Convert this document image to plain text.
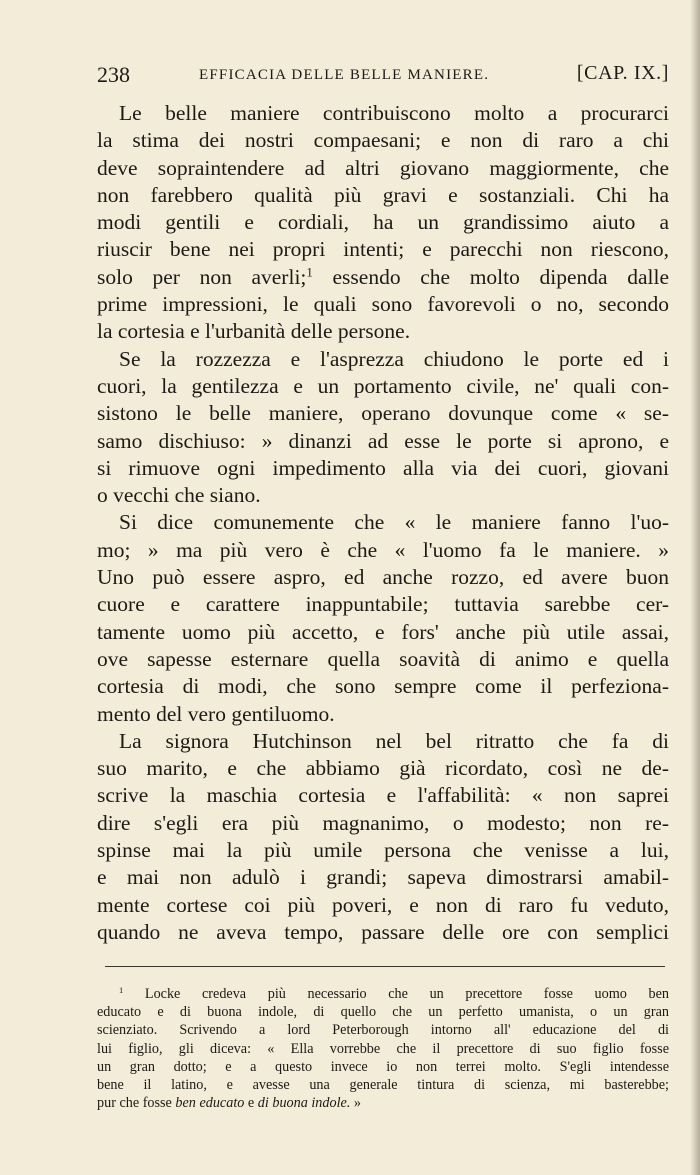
238	EFFICACIA DELLE BELLE MANIERE.	[CAP. IX.]
Le belle maniere contribuiscono molto a procurarci
la stima dei nostri compaesani; e non di raro a chi
deve sopraintendere ad altri giovano maggiormente, che
non farebbero qualità più gravi e sostanziali. Chi ha
modi gentili e cordiali, ha un grandissimo aiuto a
riuscir bene nei propri intenti; e parecchi non riescono,
solo per non averli;$^1$ essendo che molto dipenda dalle
prime impressioni, le quali sono favorevoli o no, secondo
la cortesia e l'urbanità delle persone.
Se la rozzezza e l'asprezza chiudono le porte ed i
cuori, la gentilezza e un portamento civile, ne' quali con-
sistono le belle maniere, operano dovunque come « se-
samo dischiuso: » dinanzi ad esse le porte si aprono, e
si rimuove ogni impedimento alla via dei cuori, giovani
o vecchi che siano.
Si dice comunemente che « le maniere fanno l'uo-
mo; » ma più vero è che « l'uomo fa le maniere. »
Uno può essere aspro, ed anche rozzo, ed avere buon
cuore e carattere inappuntabile; tuttavia sarebbe cer-
tamente uomo più accetto, e fors' anche più utile assai,
ove sapesse esternare quella soavità di animo e quella
cortesia di modi, che sono sempre come il perfeziona-
mento del vero gentiluomo.
La signora Hutchinson nel bel ritratto che fa di
suo marito, e che abbiamo già ricordato, così ne de-
scrive la maschia cortesia e l'affabilità: « non saprei
dire s'egli era più magnanimo, o modesto; non re-
spinse mai la più umile persona che venisse a lui,
e mai non adulò i grandi; sapeva dimostrarsi amabil-
mente cortese coi più poveri, e non di raro fu veduto,
quando ne aveva tempo, passare delle ore con semplici
$^1$ Locke credeva più necessario che un precettore fosse uomo ben
educato e di buona indole, di quello che un perfetto umanista, o un gran
scienziato. Scrivendo a lord Peterborough intorno all' educazione del di
lui figlio, gli diceva: « Ella vorrebbe che il precettore di suo figlio fosse
un gran dotto; e a questo invece io non terrei molto. S'egli intendesse
bene il latino, e avesse una generale tintura di scienza, mi basterebbe;
pur che fosse ben educato e di buona indole. »
